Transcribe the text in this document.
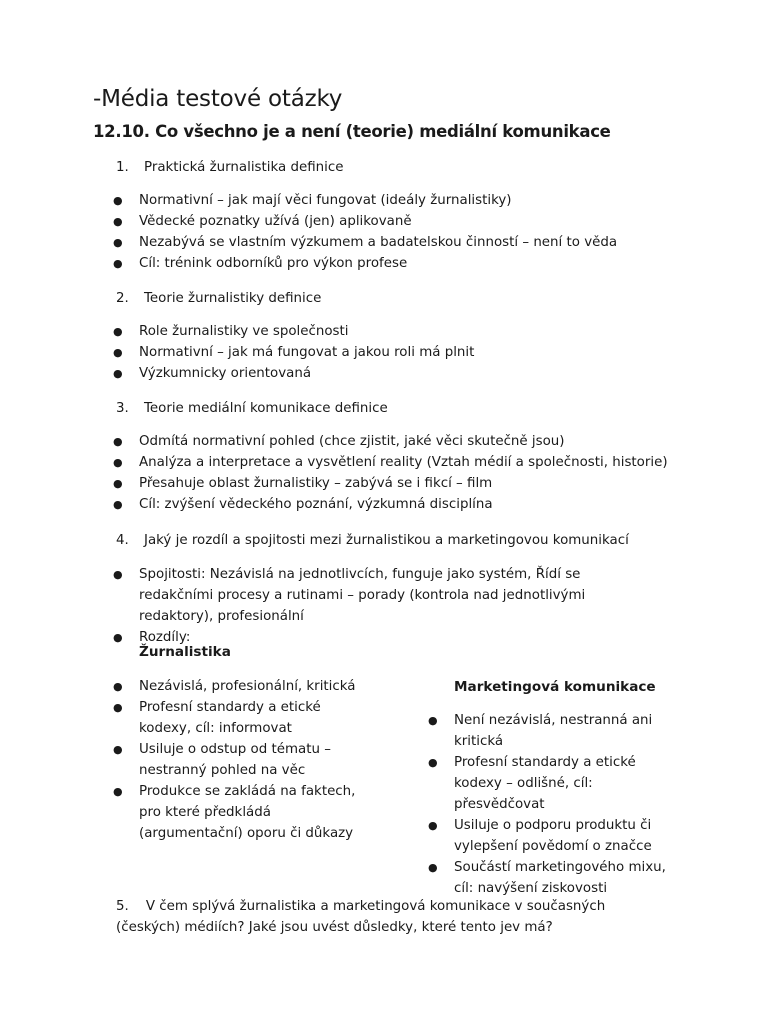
-Média testové otázky
12.10. Co všechno je a není (teorie) mediální komunikace
1. Praktická žurnalistika definice
● Normativní – jak mají věci fungovat (ideály žurnalistiky)
● Vědecké poznatky užívá (jen) aplikovaně
● Nezabývá se vlastním výzkumem a badatelskou činností – není to věda
● Cíl: trénink odborníků pro výkon profese
2. Teorie žurnalistiky definice
● Role žurnalistiky ve společnosti
● Normativní – jak má fungovat a jakou roli má plnit
● Výzkumnicky orientovaná
3. Teorie mediální komunikace definice
● Odmítá normativní pohled (chce zjistit, jaké věci skutečně jsou)
● Analýza a interpretace a vysvětlení reality (Vztah médií a společnosti, historie)
● Přesahuje oblast žurnalistiky – zabývá se i fikcí – film
● Cíl: zvýšení vědeckého poznání, výzkumná disciplína
4. Jaký je rozdíl a spojitosti mezi žurnalistikou a marketingovou komunikací
● Spojitosti: Nezávislá na jednotlivcích, funguje jako systém, Řídí se redakčními procesy a rutinami – porady (kontrola nad jednotlivými redaktory), profesionální
● Rozdíly:
Žurnalistika
● Nezávislá, profesionální, kritická
● Profesní standardy a etické kodexy, cíl: informovat
● Usiluje o odstup od tématu – nestranný pohled na věc
● Produkce se zakládá na faktech, pro které předkládá (argumentační) oporu či důkazy
Marketingová komunikace
● Není nezávislá, nestranná ani kritická
● Profesní standardy a etické kodexy – odlišné, cíl: přesvědčovat
● Usiluje o podporu produktu či vylepšení povědomí o značce
● Součástí marketingového mixu, cíl: navýšení ziskovosti
5. V čem splývá žurnalistika a marketingová komunikace v současných (českých) médiích? Jaké jsou uvést důsledky, které tento jev má?
